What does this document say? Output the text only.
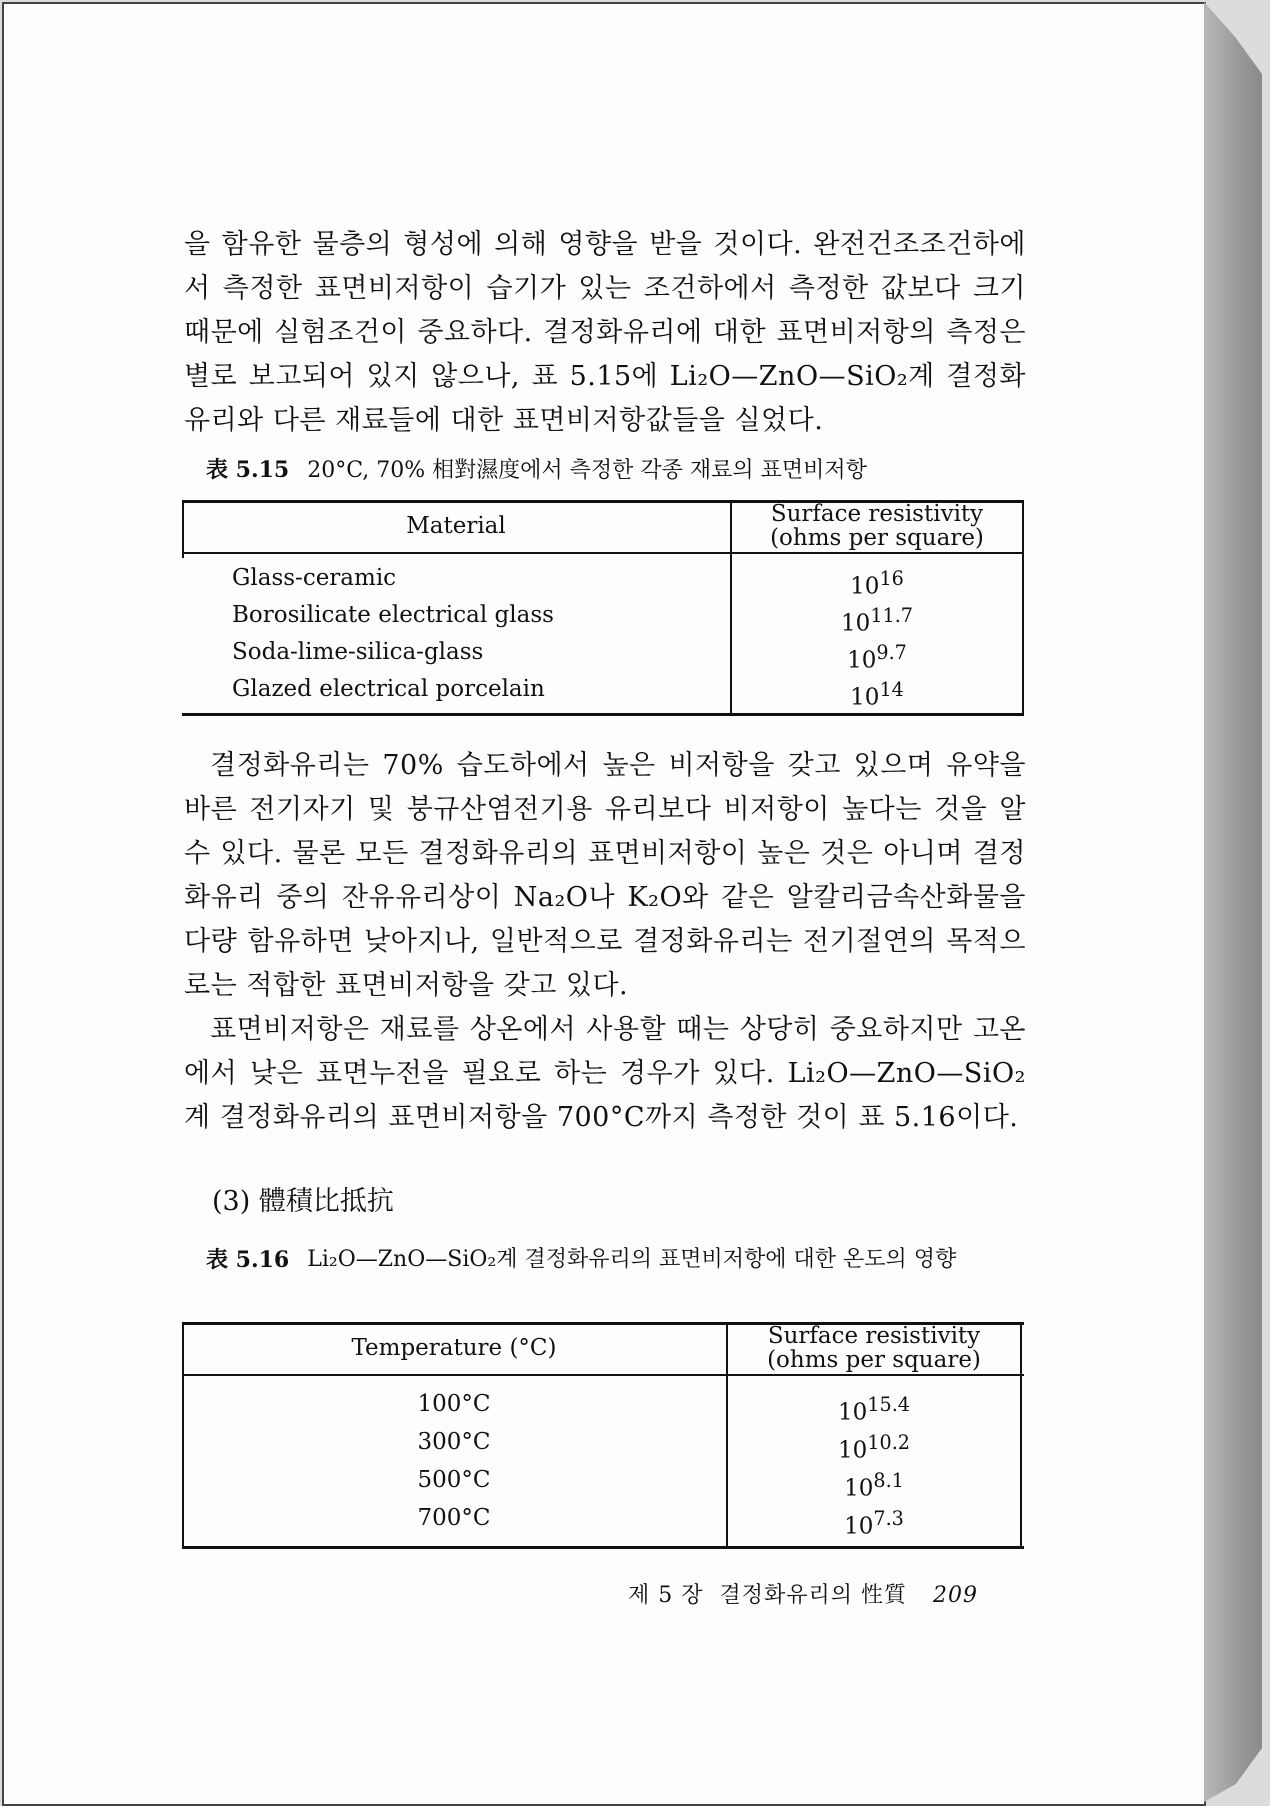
을 함유한 물층의 형성에 의해 영향을 받을 것이다. 완전건조조건하에서 측정한 표면비저항이 습기가 있는 조건하에서 측정한 값보다 크기 때문에 실험조건이 중요하다. 결정화유리에 대한 표면비저항의 측정은 별로 보고되어 있지 않으나, 표 5.15에 Li₂O—ZnO—SiO₂계 결정화유리와 다른 재료들에 대한 표면비저항값들을 실었다.

表 5.15 20°C, 70% 相對濕度에서 측정한 각종 재료의 표면비저항
Material	Surface resistivity
(ohms per square)
Glass-ceramic	$10^{16}$
Borosilicate electrical glass	$10^{11.7}$
Soda-lime-silica-glass	$10^{9.7}$
Glazed electrical porcelain	$10^{14}$

결정화유리는 70% 습도하에서 높은 비저항을 갖고 있으며 유약을 바른 전기자기 및 붕규산염전기용 유리보다 비저항이 높다는 것을 알 수 있다. 물론 모든 결정화유리의 표면비저항이 높은 것은 아니며 결정화유리 중의 잔유유리상이 Na₂O나 K₂O와 같은 알칼리금속산화물을 다량 함유하면 낮아지나, 일반적으로 결정화유리는 전기절연의 목적으로는 적합한 표면비저항을 갖고 있다.

표면비저항은 재료를 상온에서 사용할 때는 상당히 중요하지만 고온에서 낮은 표면누전을 필요로 하는 경우가 있다. Li₂O—ZnO—SiO₂계 결정화유리의 표면비저항을 700°C까지 측정한 것이 표 5.16이다.

(3) 體積比抵抗
表 5.16 Li₂O—ZnO—SiO₂계 결정화유리의 표면비저항에 대한 온도의 영향
Temperature (°C)	Surface resistivity
(ohms per square)
100°C	$10^{15.4}$
300°C	$10^{10.2}$
500°C	$10^{8.1}$
700°C	$10^{7.3}$
제 5 장 결정화유리의 性質 209
